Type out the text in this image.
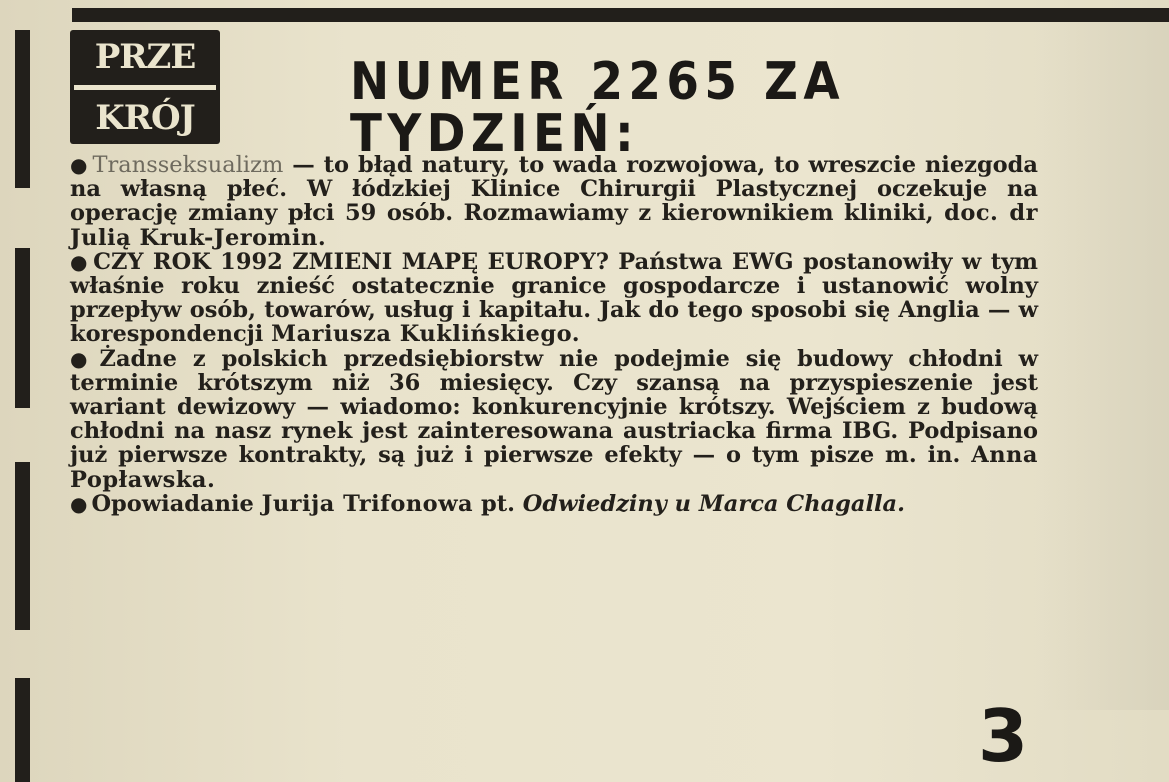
PRZE
KRÓJ
NUMER 2265 ZA TYDZIEŃ:

● Transseksualizm — to błąd natury, to wada rozwojowa, to wreszcie niezgoda na własną płeć. W łódzkiej Klinice Chirurgii Plastycznej oczekuje na operację zmiany płci 59 osób. Rozmawiamy z kierownikiem kliniki, doc. dr Julią Kruk-Jeromin.

● CZY ROK 1992 ZMIENI MAPĘ EUROPY? Państwa EWG postanowiły w tym właśnie roku znieść ostatecznie granice gospodarcze i ustanowić wolny przepływ osób, towarów, usług i kapitału. Jak do tego sposobi się Anglia — w korespondencji Mariusza Kuklińskiego.

● Żadne z polskich przedsiębiorstw nie podejmie się budowy chłodni w terminie krótszym niż 36 miesięcy. Czy szansą na przyspieszenie jest wariant dewizowy — wiadomo: konkurencyjnie krótszy. Wejściem z budową chłodni na nasz rynek jest zainteresowana austriacka firma IBG. Podpisano już pierwsze kontrakty, są już i pierwsze efekty — o tym pisze m. in. Anna Popławska.

● Opowiadanie Jurija Trifonowa pt. Odwiedziny u Marca Chagalla.

3
